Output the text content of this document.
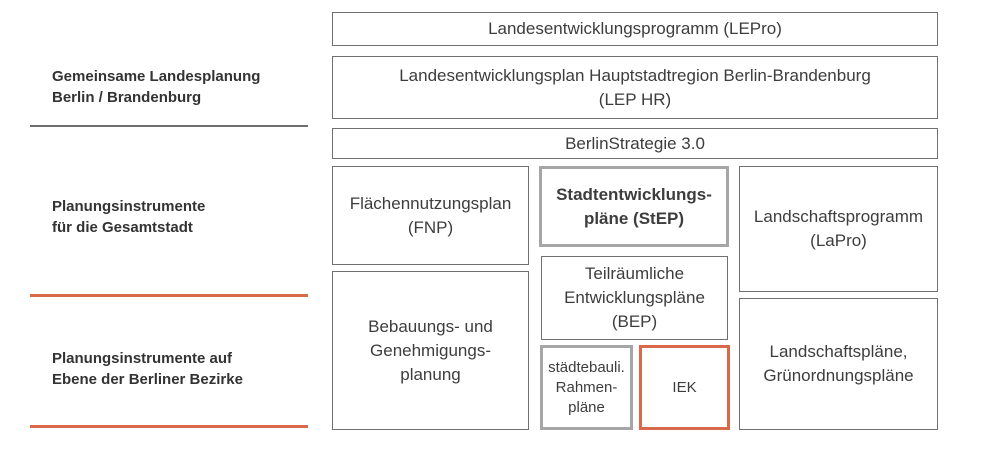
Gemeinsame Landesplanung
Berlin / Brandenburg
Planungsinstrumente
für die Gesamtstadt
Planungsinstrumente auf
Ebene der Berliner Bezirke
Landesentwicklungsprogramm (LEPro)
Landesentwicklungsplan Hauptstadtregion Berlin-Brandenburg
(LEP HR)
BerlinStrategie 3.0
Flächennutzungsplan
(FNP)
Stadtentwicklungs-
pläne (StEP)	Landschaftsprogramm
(LaPro)
Teilräumliche
Entwicklungspläne
(BEP)
Bebauungs- und
Genehmigungs-
planung	städtebauli.
Rahmen-
pläne
IEK
Landschaftspläne,
Grünordnungspläne
